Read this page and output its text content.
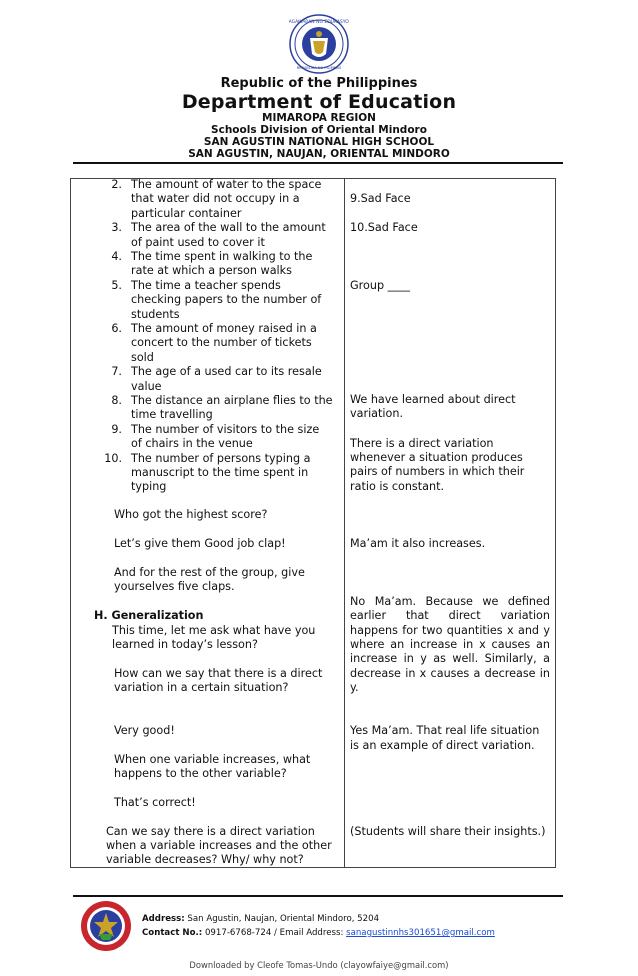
KAGAWARAN NG EDUKASYON
REPUBLIKA NG PILIPINAS
Republic of the Philippines
Department of Education
MIMAROPA REGION
Schools Division of Oriental Mindoro
SAN AGUSTIN NATIONAL HIGH SCHOOL
SAN AGUSTIN, NAUJAN, ORIENTAL MINDORO
2. The amount of water to the space
that water did not occupy in a
particular container
3. The area of the wall to the amount
of paint used to cover it
4. The time spent in walking to the
rate at which a person walks
5. The time a teacher spends
checking papers to the number of
students
6. The amount of money raised in a
concert to the number of tickets
sold
7. The age of a used car to its resale
value
8. The distance an airplane flies to the
time travelling
9. The number of visitors to the size
of chairs in the venue
10. The number of persons typing a
manuscript to the time spent in
typing
Who got the highest score?
Let’s give them Good job clap!
And for the rest of the group, give
yourselves five claps.
H. Generalization
This time, let me ask what have you
learned in today’s lesson?
How can we say that there is a direct
variation in a certain situation?
Very good!
When one variable increases, what
happens to the other variable?
That’s correct!
Can we say there is a direct variation
when a variable increases and the other
variable decreases? Why/ why not?
9.Sad Face
10.Sad Face
Group ____
We have learned about direct
variation.
There is a direct variation
whenever a situation produces
pairs of numbers in which their
ratio is constant.
Ma’am it also increases.
No Ma’am. Because we defined
earlier that direct variation
happens for two quantities x and y
where an increase in x causes an
increase in y as well. Similarly, a
decrease in x causes a decrease in
y.
Yes Ma’am. That real life situation
is an example of direct variation.
(Students will share their insights.)
Address: San Agustin, Naujan, Oriental Mindoro, 5204
Contact No.: 0917-6768-724 / Email Address: sanagustinnhs301651@gmail.com
Downloaded by Cleofe Tomas-Undo (clayowfaiye@gmail.com)
